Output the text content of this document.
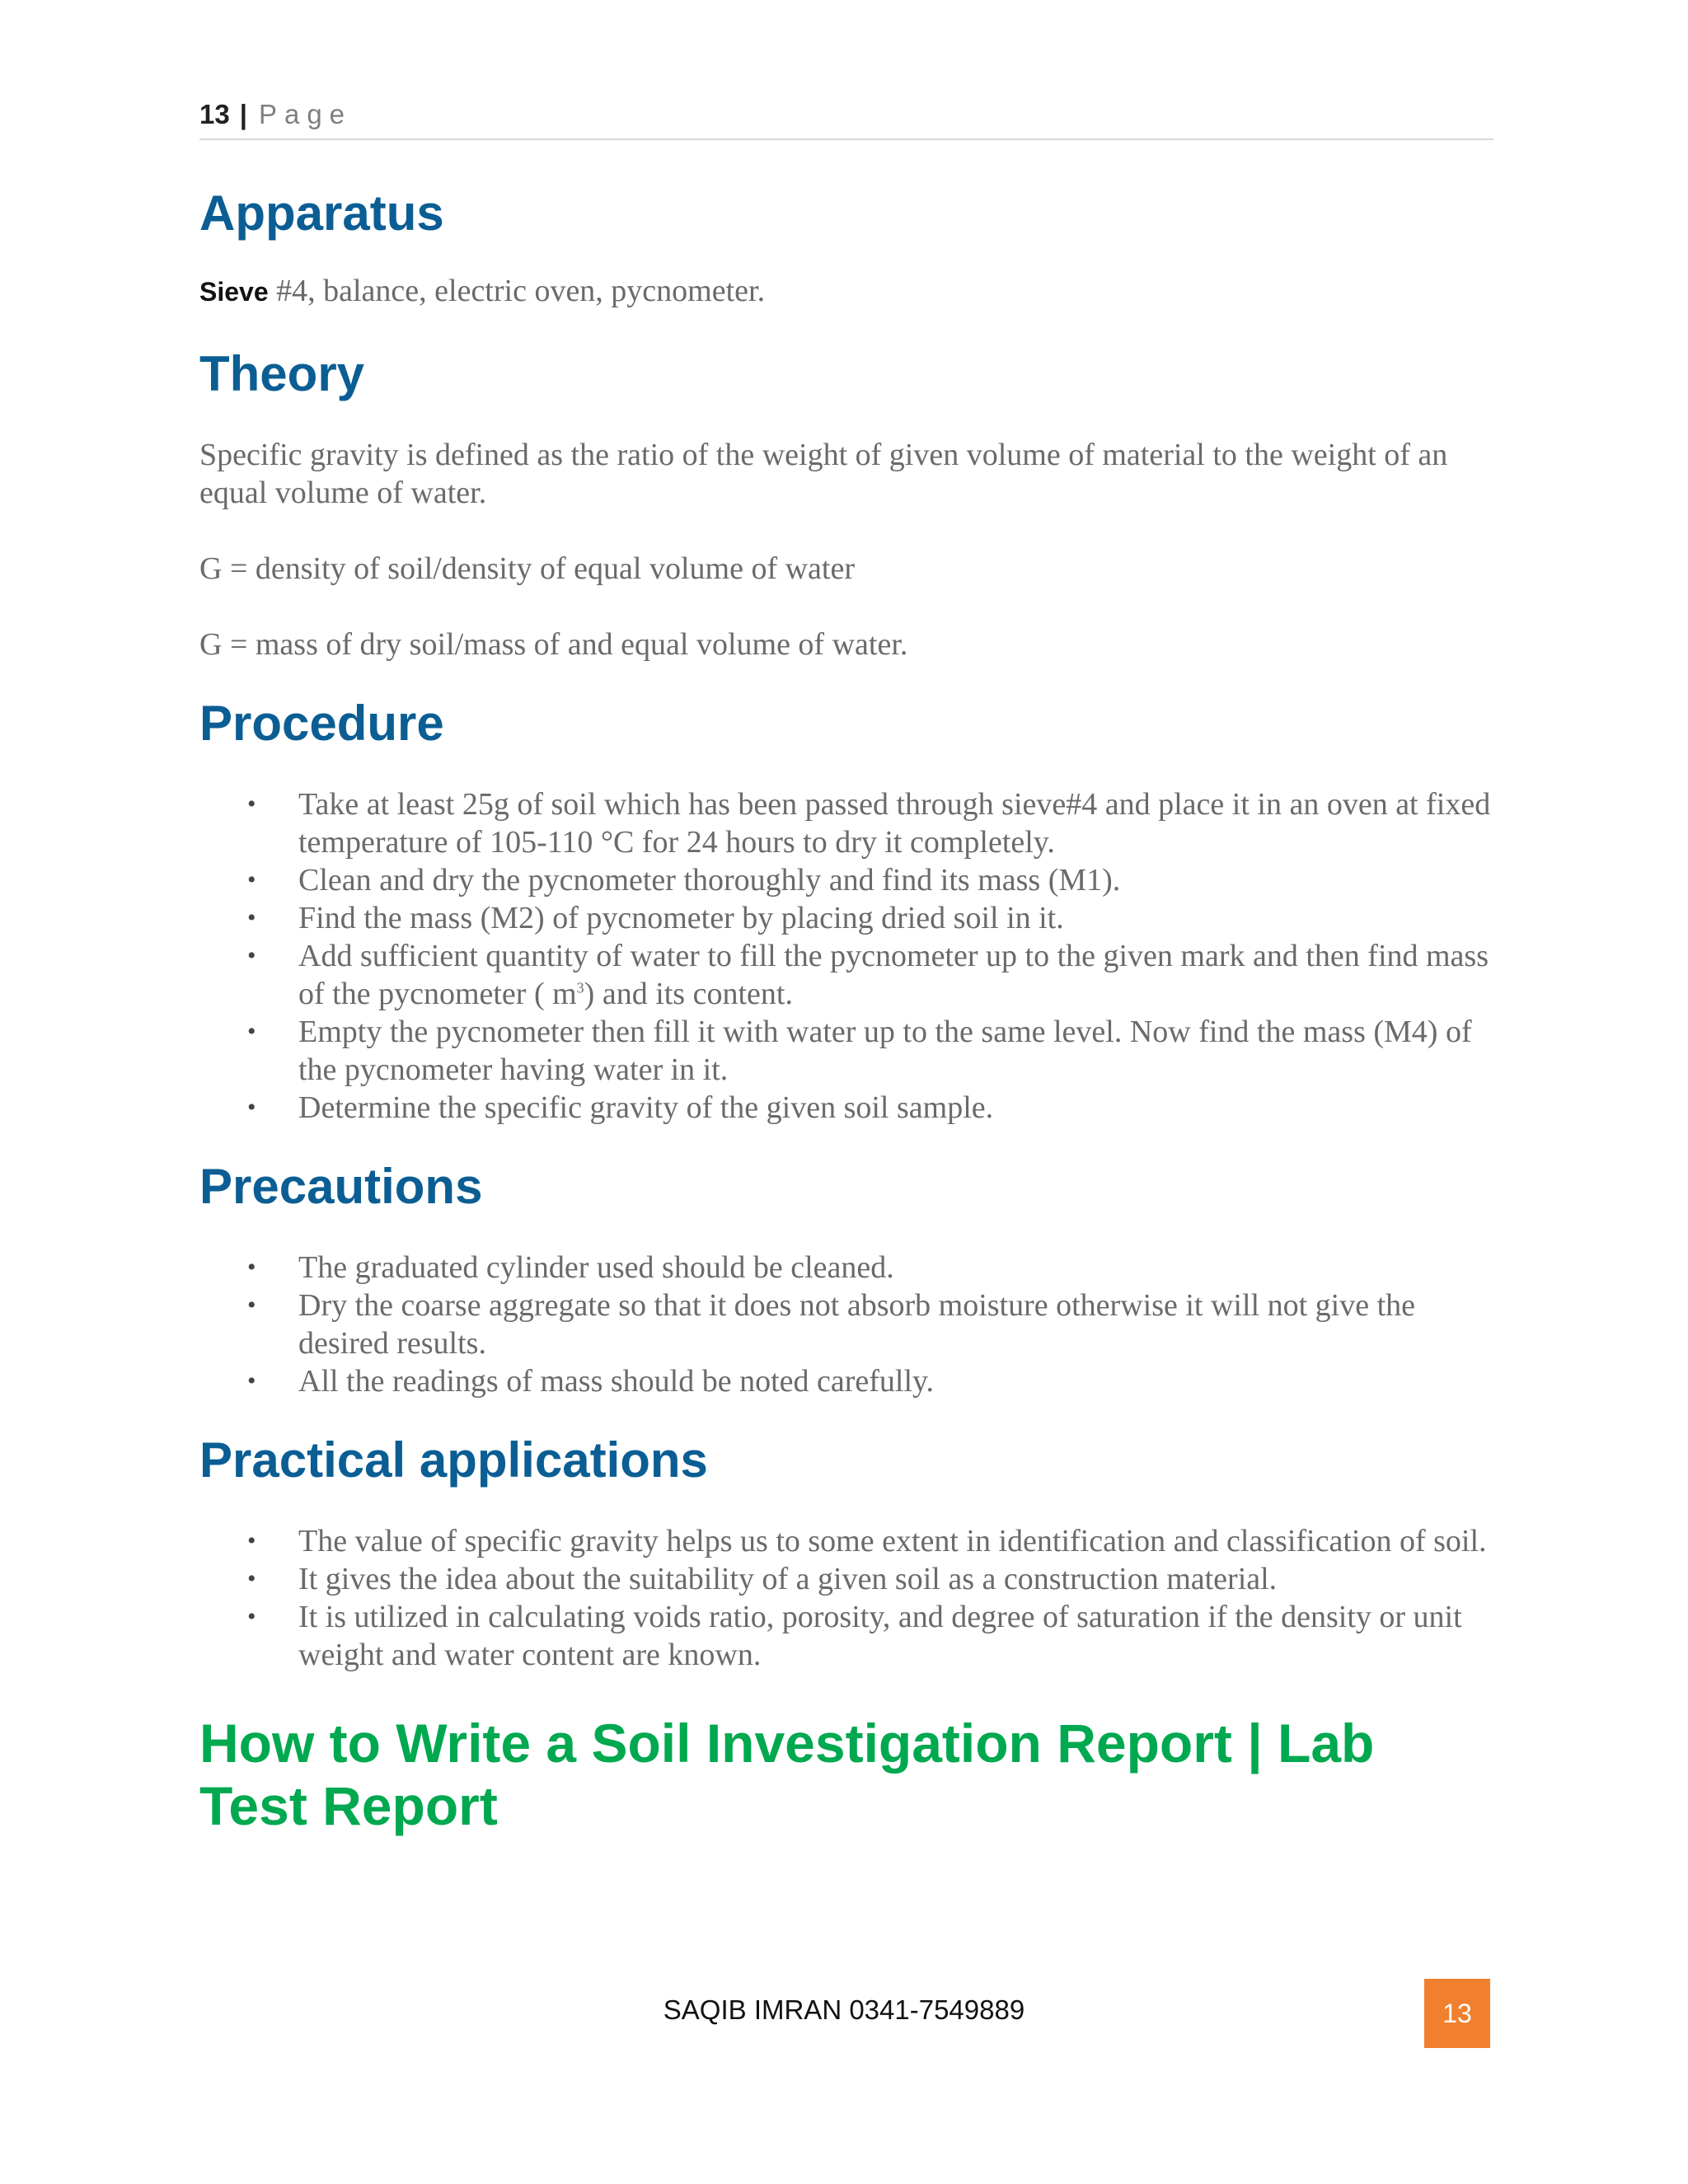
13 | Page
Apparatus

Sieve #4, balance, electric oven, pycnometer.

Theory

Specific gravity is defined as the ratio of the weight of given volume of material to the weight of an equal volume of water.

G = density of soil/density of equal volume of water

G = mass of dry soil/mass of and equal volume of water.

Procedure
• Take at least 25g of soil which has been passed through sieve#4 and place it in an oven at fixed temperature of 105-110 °C for 24 hours to dry it completely.
• Clean and dry the pycnometer thoroughly and find its mass (M1).
• Find the mass (M2) of pycnometer by placing dried soil in it.
• Add sufficient quantity of water to fill the pycnometer up to the given mark and then find mass of the pycnometer ( $m^3$) and its content.
• Empty the pycnometer then fill it with water up to the same level. Now find the mass (M4) of the pycnometer having water in it.
• Determine the specific gravity of the given soil sample.
Precautions
• The graduated cylinder used should be cleaned.
• Dry the coarse aggregate so that it does not absorb moisture otherwise it will not give the desired results.
• All the readings of mass should be noted carefully.
Practical applications
• The value of specific gravity helps us to some extent in identification and classification of soil.
• It gives the idea about the suitability of a given soil as a construction material.
• It is utilized in calculating voids ratio, porosity, and degree of saturation if the density or unit weight and water content are known.
How to Write a Soil Investigation Report | Lab Test Report
SAQIB IMRAN 0341-7549889	13
